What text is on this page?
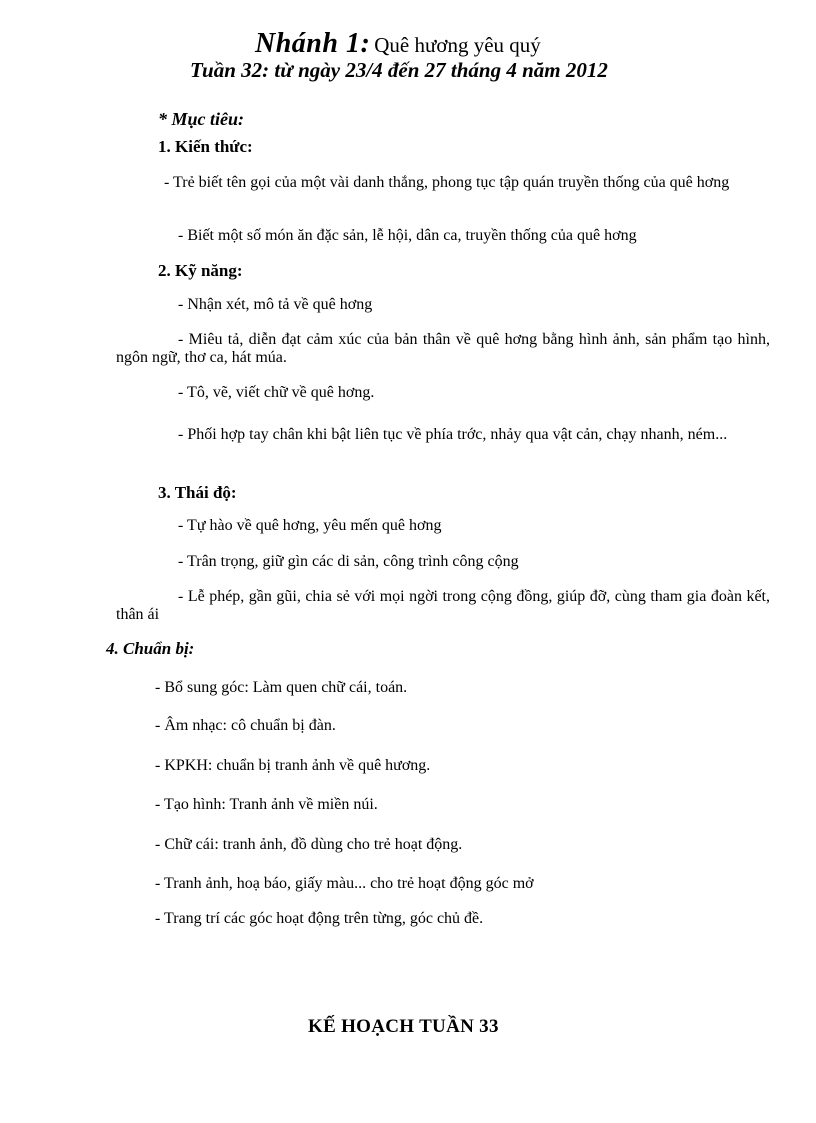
Nhánh 1: Quê hương yêu quý
Tuần 32: từ ngày 23/4 đến 27 tháng 4 năm 2012
* Mục tiêu:
1. Kiến thức:
- Trẻ biết tên gọi của một vài danh thắng, phong tục tập quán truyền thống của quê hơng
- Biết một số món ăn đặc sản, lễ hội, dân ca, truyền thống của quê hơng
2. Kỹ năng:
- Nhận xét, mô tả về quê hơng
- Miêu tả, diễn đạt cảm xúc của bản thân về quê hơng bằng hình ảnh, sản phẩm tạo hình, ngôn ngữ, thơ ca, hát múa.
- Tô, vẽ, viết chữ về quê hơng.
- Phối hợp tay chân khi bật liên tục về phía trớc, nhảy qua vật cản, chạy nhanh, ném...
3. Thái độ:
- Tự hào về quê hơng, yêu mến quê hơng
- Trân trọng, giữ gìn các di sản, công trình công cộng
- Lễ phép, gần gũi, chia sẻ với mọi ngời trong cộng đồng, giúp đỡ, cùng tham gia đoàn kết, thân ái
4. Chuẩn bị:
- Bổ sung góc: Làm quen chữ cái, toán.
- Âm nhạc: cô chuẩn bị đàn.
- KPKH: chuẩn bị tranh ảnh về quê hương.
- Tạo hình: Tranh ảnh về miền núi.
- Chữ cái: tranh ảnh, đồ dùng cho trẻ hoạt động.
- Tranh ảnh, hoạ báo, giấy màu... cho trẻ hoạt động góc mở
- Trang trí các góc hoạt động trên từng, góc chủ đề.
KẾ HOẠCH TUẦN 33
